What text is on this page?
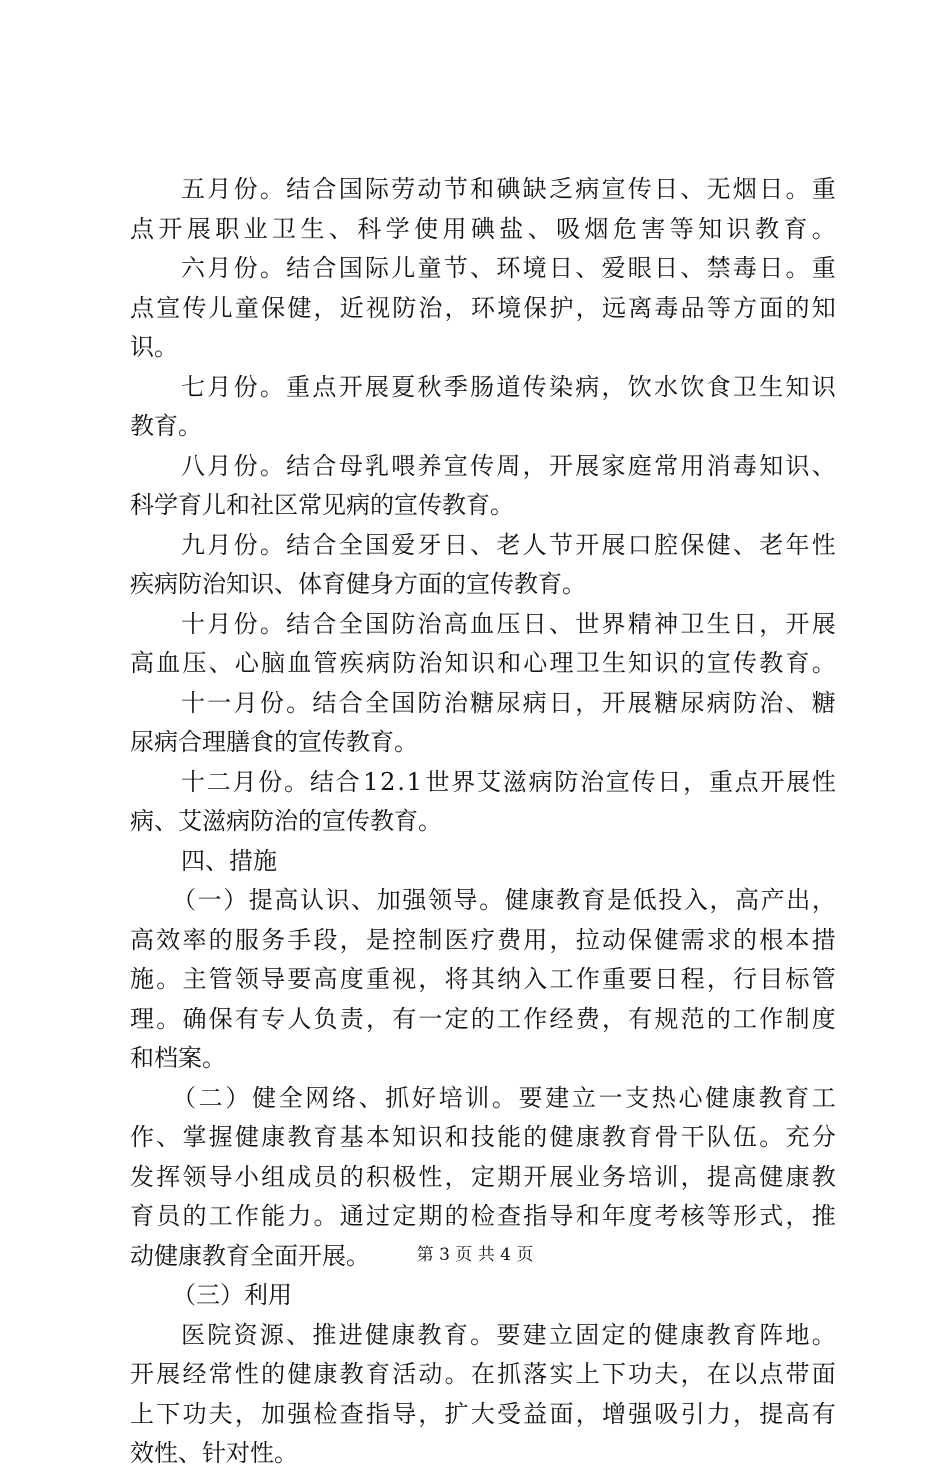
五 月 份 。 结 合 国 际 劳 动 节 和 碘 缺 乏 病 宣 传 日 、 无 烟 日 。 重
点 开 展 职 业 卫 生 、 科 学 使 用 碘 盐 、 吸 烟 危 害 等 知 识 教 育 。
六 月 份 。 结 合 国 际 儿 童 节 、 环 境 日 、 爱 眼 日 、 禁 毒 日 。 重
点 宣 传 儿 童 保 健 ， 近 视 防 治 ， 环 境 保 护 ， 远 离 毒 品 等 方 面 的 知
识。
七 月 份 。 重 点 开 展 夏 秋 季 肠 道 传 染 病 ， 饮 水 饮 食 卫 生 知 识
教育。
八 月 份 。 结 合 母 乳 喂 养 宣 传 周 ， 开 展 家 庭 常 用 消 毒 知 识 、
科学育儿和社区常见病的宣传教育。
九 月 份 。 结 合 全 国 爱 牙 日 、 老 人 节 开 展 口 腔 保 健 、 老 年 性
疾病防治知识、体育健身方面的宣传教育。
十 月 份 。 结 合 全 国 防 治 高 血 压 日 、 世 界 精 神 卫 生 日 ， 开 展
高 血 压 、 心 脑 血 管 疾 病 防 治 知 识 和 心 理 卫 生 知 识 的 宣 传 教 育 。
十 一 月 份 。 结 合 全 国 防 治 糖 尿 病 日 ， 开 展 糖 尿 病 防 治 、 糖
尿病合理膳食的宣传教育。
十 二 月 份 。 结 合 1 2 . 1 世 界 艾 滋 病 防 治 宣 传 日 ， 重 点 开 展 性
病、艾滋病防治的宣传教育。
四、措施
（ 一 ） 提 高 认 识 、 加 强 领 导 。 健 康 教 育 是 低 投 入 ， 高 产 出 ，
高 效 率 的 服 务 手 段 ， 是 控 制 医 疗 费 用 ， 拉 动 保 健 需 求 的 根 本 措
施 。 主 管 领 导 要 高 度 重 视 ， 将 其 纳 入 工 作 重 要 日 程 ， 行 目 标 管
理 。 确 保 有 专 人 负 责 ， 有 一 定 的 工 作 经 费 ， 有 规 范 的 工 作 制 度
和档案。
（ 二 ） 健 全 网 络 、 抓 好 培 训 。 要 建 立 一 支 热 心 健 康 教 育 工
作 、 掌 握 健 康 教 育 基 本 知 识 和 技 能 的 健 康 教 育 骨 干 队 伍 。 充 分
发 挥 领 导 小 组 成 员 的 积 极 性 ， 定 期 开 展 业 务 培 训 ， 提 高 健 康 教
育 员 的 工 作 能 力 。 通 过 定 期 的 检 查 指 导 和 年 度 考 核 等 形 式 ， 推
动健康教育全面开展。
（三）利用
医 院 资 源 、 推 进 健 康 教 育 。 要 建 立 固 定 的 健 康 教 育 阵 地 。
开 展 经 常 性 的 健 康 教 育 活 动 。 在 抓 落 实 上 下 功 夫 ， 在 以 点 带 面
上 下 功 夫 ， 加 强 检 查 指 导 ， 扩 大 受 益 面 ， 增 强 吸 引 力 ， 提 高 有
效性、针对性。
第 3 页 共 4 页
